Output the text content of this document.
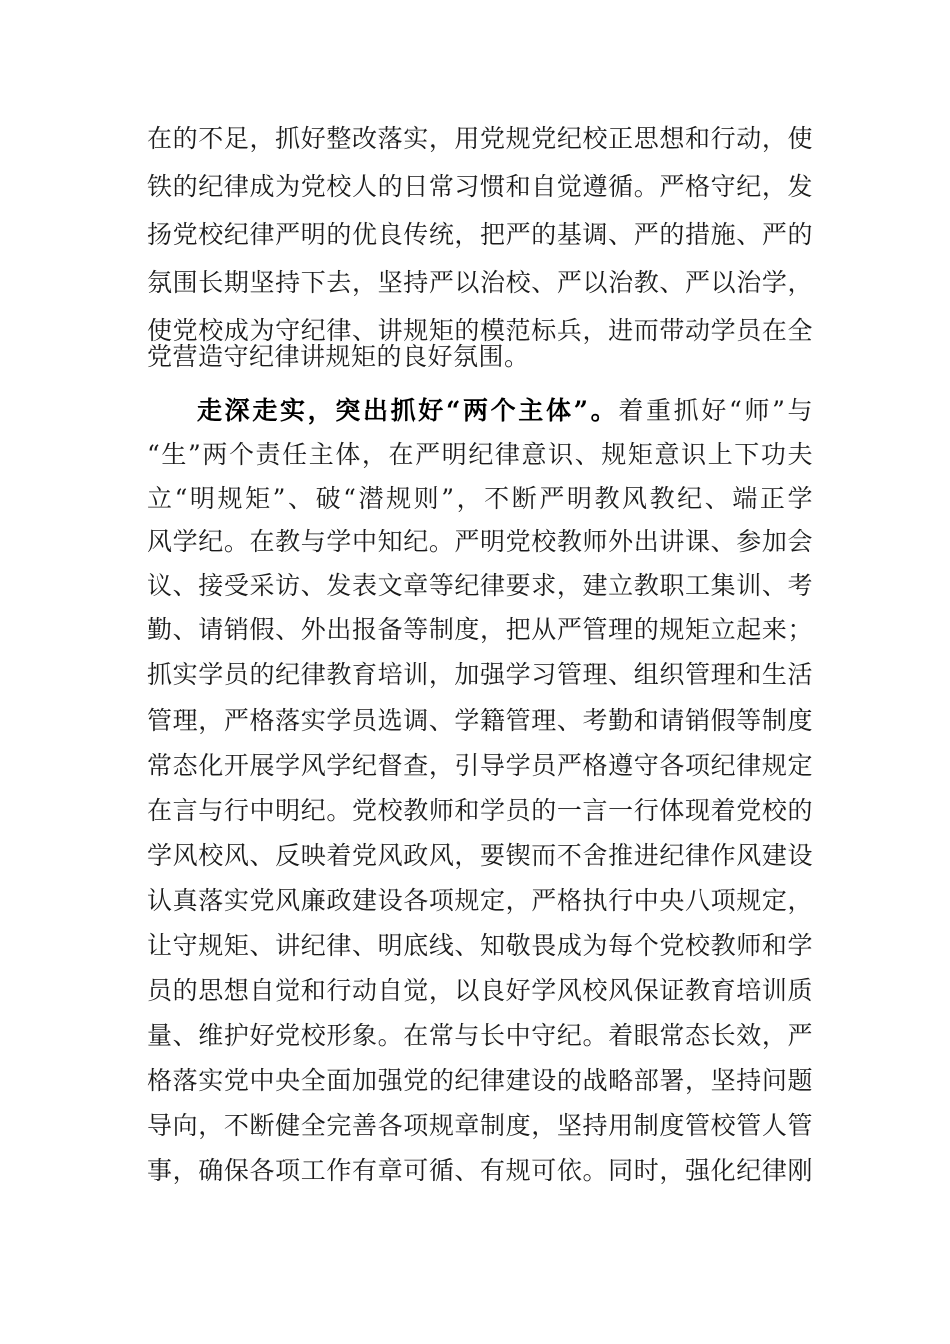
在的不足，抓好整改落实，用党规党纪校正思想和行动，使
铁的纪律成为党校人的日常习惯和自觉遵循。严格守纪，发
扬党校纪律严明的优良传统，把严的基调、严的措施、严的
氛围长期坚持下去，坚持严以治校、严以治教、严以治学，
使党校成为守纪律、讲规矩的模范标兵，进而带动学员在全
党营造守纪律讲规矩的良好氛围。
走深走实，突出抓好“两个主体”。着重抓好“师”与
“生”两个责任主体，在严明纪律意识、规矩意识上下功夫
立“明规矩”、破“潜规则”，不断严明教风教纪、端正学
风学纪。在教与学中知纪。严明党校教师外出讲课、参加会
议、接受采访、发表文章等纪律要求，建立教职工集训、考
勤、请销假、外出报备等制度，把从严管理的规矩立起来；
抓实学员的纪律教育培训，加强学习管理、组织管理和生活
管理，严格落实学员选调、学籍管理、考勤和请销假等制度
常态化开展学风学纪督查，引导学员严格遵守各项纪律规定
在言与行中明纪。党校教师和学员的一言一行体现着党校的
学风校风、反映着党风政风，要锲而不舍推进纪律作风建设
认真落实党风廉政建设各项规定，严格执行中央八项规定，
让守规矩、讲纪律、明底线、知敬畏成为每个党校教师和学
员的思想自觉和行动自觉，以良好学风校风保证教育培训质
量、维护好党校形象。在常与长中守纪。着眼常态长效，严
格落实党中央全面加强党的纪律建设的战略部署，坚持问题
导向，不断健全完善各项规章制度，坚持用制度管校管人管
事，确保各项工作有章可循、有规可依。同时，强化纪律刚
